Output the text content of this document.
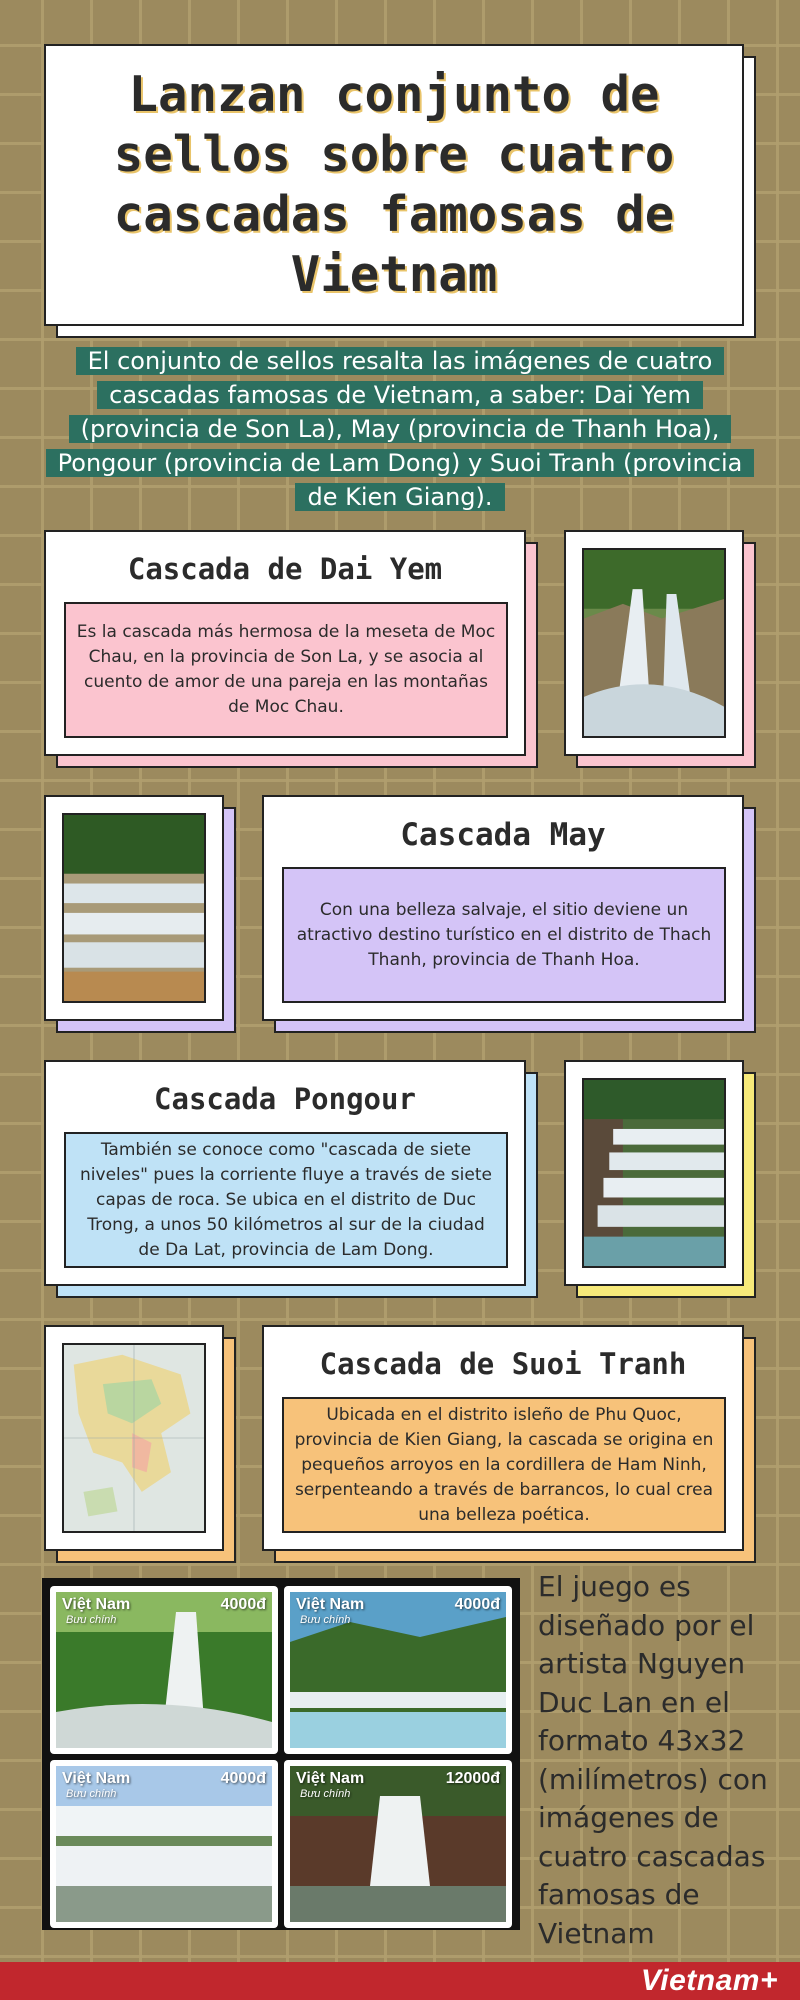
Lanzan conjunto de sellos sobre cuatro cascadas famosas de Vietnam
El conjunto de sellos resalta las imágenes de cuatro cascadas famosas de Vietnam, a saber: Dai Yem (provincia de Son La), May (provincia de Thanh Hoa), Pongour (provincia de Lam Dong) y Suoi Tranh (provincia de Kien Giang).
Cascada de Dai Yem
Es la cascada más hermosa de la meseta de Moc Chau, en la provincia de Son La, y se asocia al cuento de amor de una pareja en las montañas de Moc Chau.
Cascada May
Con una belleza salvaje, el sitio deviene un atractivo destino turístico en el distrito de Thach Thanh, provincia de Thanh Hoa.
Cascada Pongour
También se conoce como "cascada de siete niveles" pues la corriente fluye a través de siete capas de roca. Se ubica en el distrito de Duc Trong, a unos 50 kilómetros al sur de la ciudad de Da Lat, provincia de Lam Dong.
Cascada de Suoi Tranh
Ubicada en el distrito isleño de Phu Quoc, provincia de Kien Giang, la cascada se origina en pequeños arroyos en la cordillera de Ham Ninh, serpenteando a través de barrancos, lo cual crea una belleza poética.
Việt Nam
Bưu chính
4000đ Việt Nam
Bưu chính
4000đ
Việt Nam
Bưu chính
4000đ Việt Nam
Bưu chính
12000đ
El juego es diseñado por el artista Nguyen Duc Lan en el formato 43x32 (milímetros) con imágenes de cuatro cascadas famosas de Vietnam
Vietnam+
